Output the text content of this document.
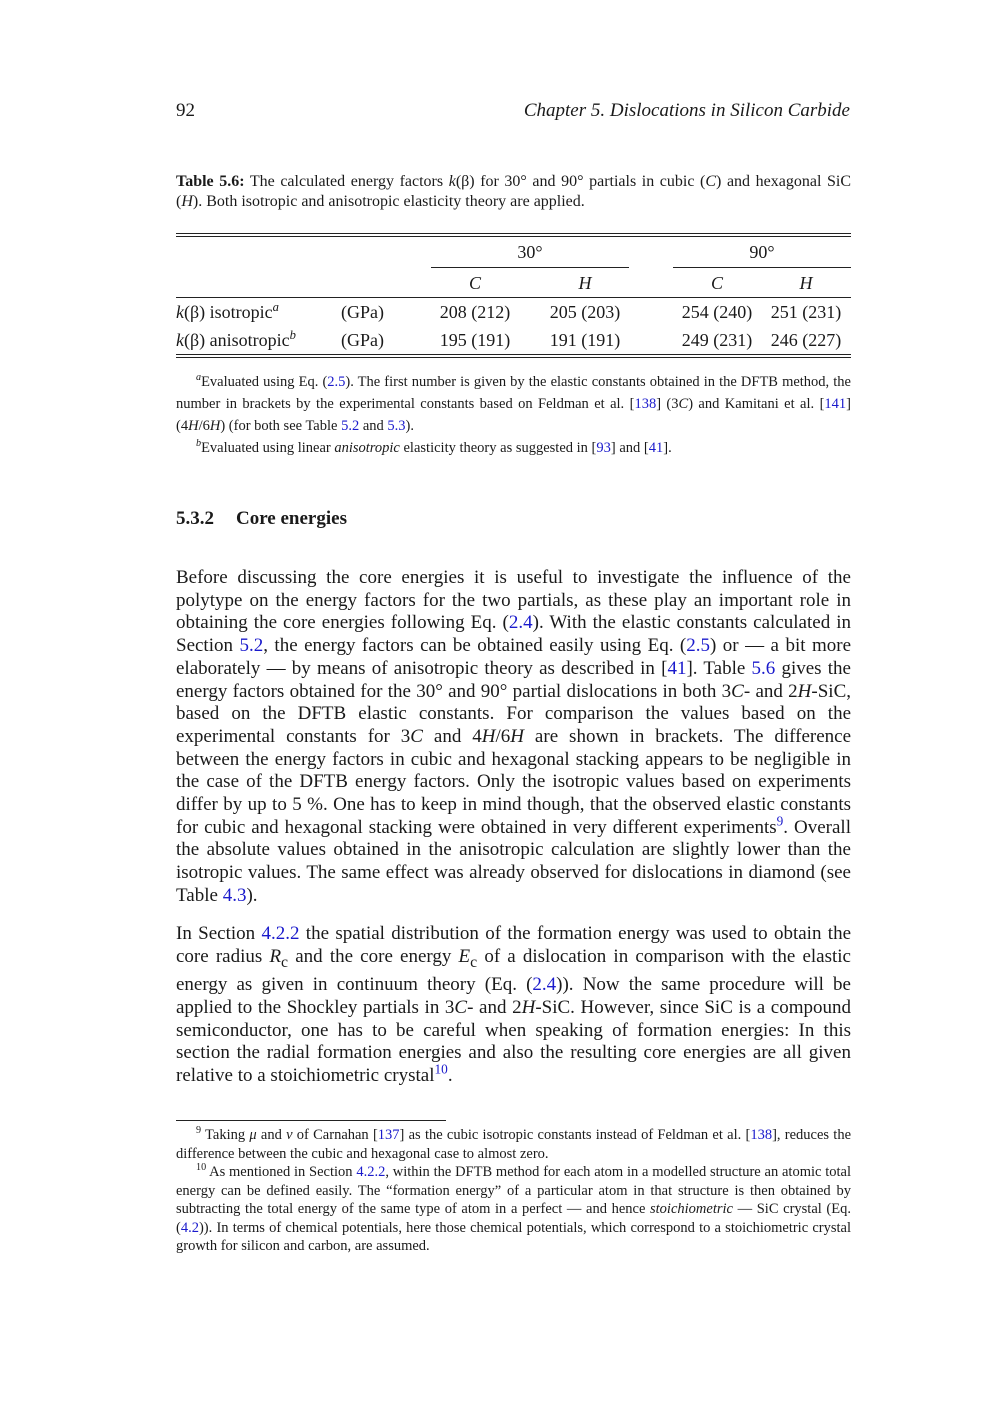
92	Chapter 5. Dislocations in Silicon Carbide
Table 5.6: The calculated energy factors k(β) for 30° and 90° partials in cubic (C) and hexagonal SiC (H). Both isotropic and anisotropic elasticity theory are applied.

		30°		90°	

		C	H	C	H
k(β) isotropic$^a$	(GPa)	208 (212)	205 (203)	254 (240)	251 (231)
k(β) anisotropic$^b$	(GPa)	195 (191)	191 (191)	249 (231)	246 (227)
$^a$Evaluated using Eq. (2.5). The first number is given by the elastic constants obtained in the DFTB method, the number in brackets by the experimental constants based on Feldman et al. [138] (3C) and Kamitani et al. [141] (4H/6H) (for both see Table 5.2 and 5.3).
$^b$Evaluated using linear anisotropic elasticity theory as suggested in [93] and [41].
5.3.2 Core energies
Before discussing the core energies it is useful to investigate the influence of the polytype on the energy factors for the two partials, as these play an important role in obtaining the core energies following Eq. (2.4). With the elastic constants calculated in Section 5.2, the energy factors can be obtained easily using Eq. (2.5) or — a bit more elaborately — by means of anisotropic theory as described in [41]. Table 5.6 gives the energy factors obtained for the 30° and 90° partial dislocations in both 3C- and 2H-SiC, based on the DFTB elastic constants. For comparison the values based on the experimental constants for 3C and 4H/6H are shown in brackets. The difference between the energy factors in cubic and hexagonal stacking appears to be negligible in the case of the DFTB energy factors. Only the isotropic values based on experiments differ by up to 5 %. One has to keep in mind though, that the observed elastic constants for cubic and hexagonal stacking were obtained in very different experiments$^9$. Overall the absolute values obtained in the anisotropic calculation are slightly lower than the isotropic values. The same effect was already observed for dislocations in diamond (see Table 4.3).
In Section 4.2.2 the spatial distribution of the formation energy was used to obtain the core radius $R_c$ and the core energy $E_c$ of a dislocation in comparison with the elastic energy as given in continuum theory (Eq. (2.4)). Now the same procedure will be applied to the Shockley partials in 3C- and 2H-SiC. However, since SiC is a compound semiconductor, one has to be careful when speaking of formation energies: In this section the radial formation energies and also the resulting core energies are all given relative to a stoichiometric crystal$^{10}$.
$^9$ Taking μ and ν of Carnahan [137] as the cubic isotropic constants instead of Feldman et al. [138], reduces the difference between the cubic and hexagonal case to almost zero.
$^{10}$ As mentioned in Section 4.2.2, within the DFTB method for each atom in a modelled structure an atomic total energy can be defined easily. The “formation energy” of a particular atom in that structure is then obtained by subtracting the total energy of the same type of atom in a perfect — and hence stoichiometric — SiC crystal (Eq. (4.2)). In terms of chemical potentials, here those chemical potentials, which correspond to a stoichiometric crystal growth for silicon and carbon, are assumed.
